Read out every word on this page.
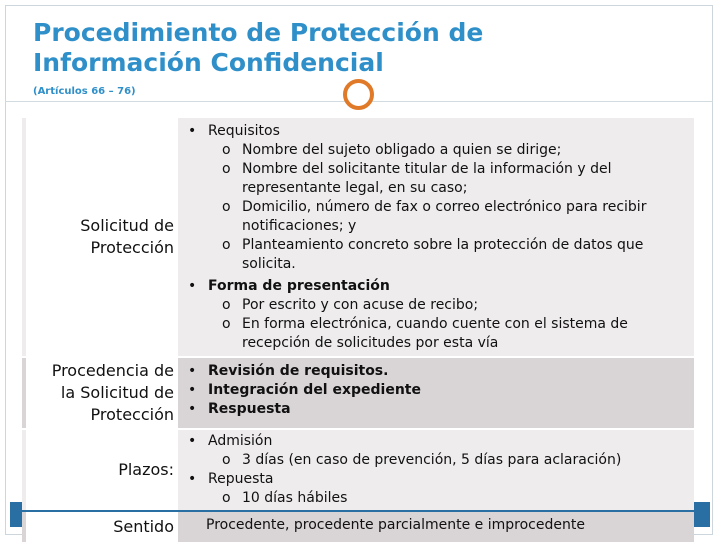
Procedimiento de Protección de
Información Confidencial
(Artículos 66 – 76)
Solicitud de
Protección
• Requisitos
o Nombre del sujeto obligado a quien se dirige;
o Nombre del solicitante titular de la información y del
representante legal, en su caso;
o Domicilio, número de fax o correo electrónico para recibir
notificaciones; y
o Planteamiento concreto sobre la protección de datos que
solicita.
• Forma de presentación
o Por escrito y con acuse de recibo;
o En forma electrónica, cuando cuente con el sistema de
recepción de solicitudes por esta vía
Procedencia de
la Solicitud de
Protección
• Revisión de requisitos.
• Integración del expediente
• Respuesta
Plazos:
• Admisión
o 3 días (en caso de prevención, 5 días para aclaración)
• Repuesta
o 10 días hábiles
Sentido Procedente, procedente parcialmente e improcedente
